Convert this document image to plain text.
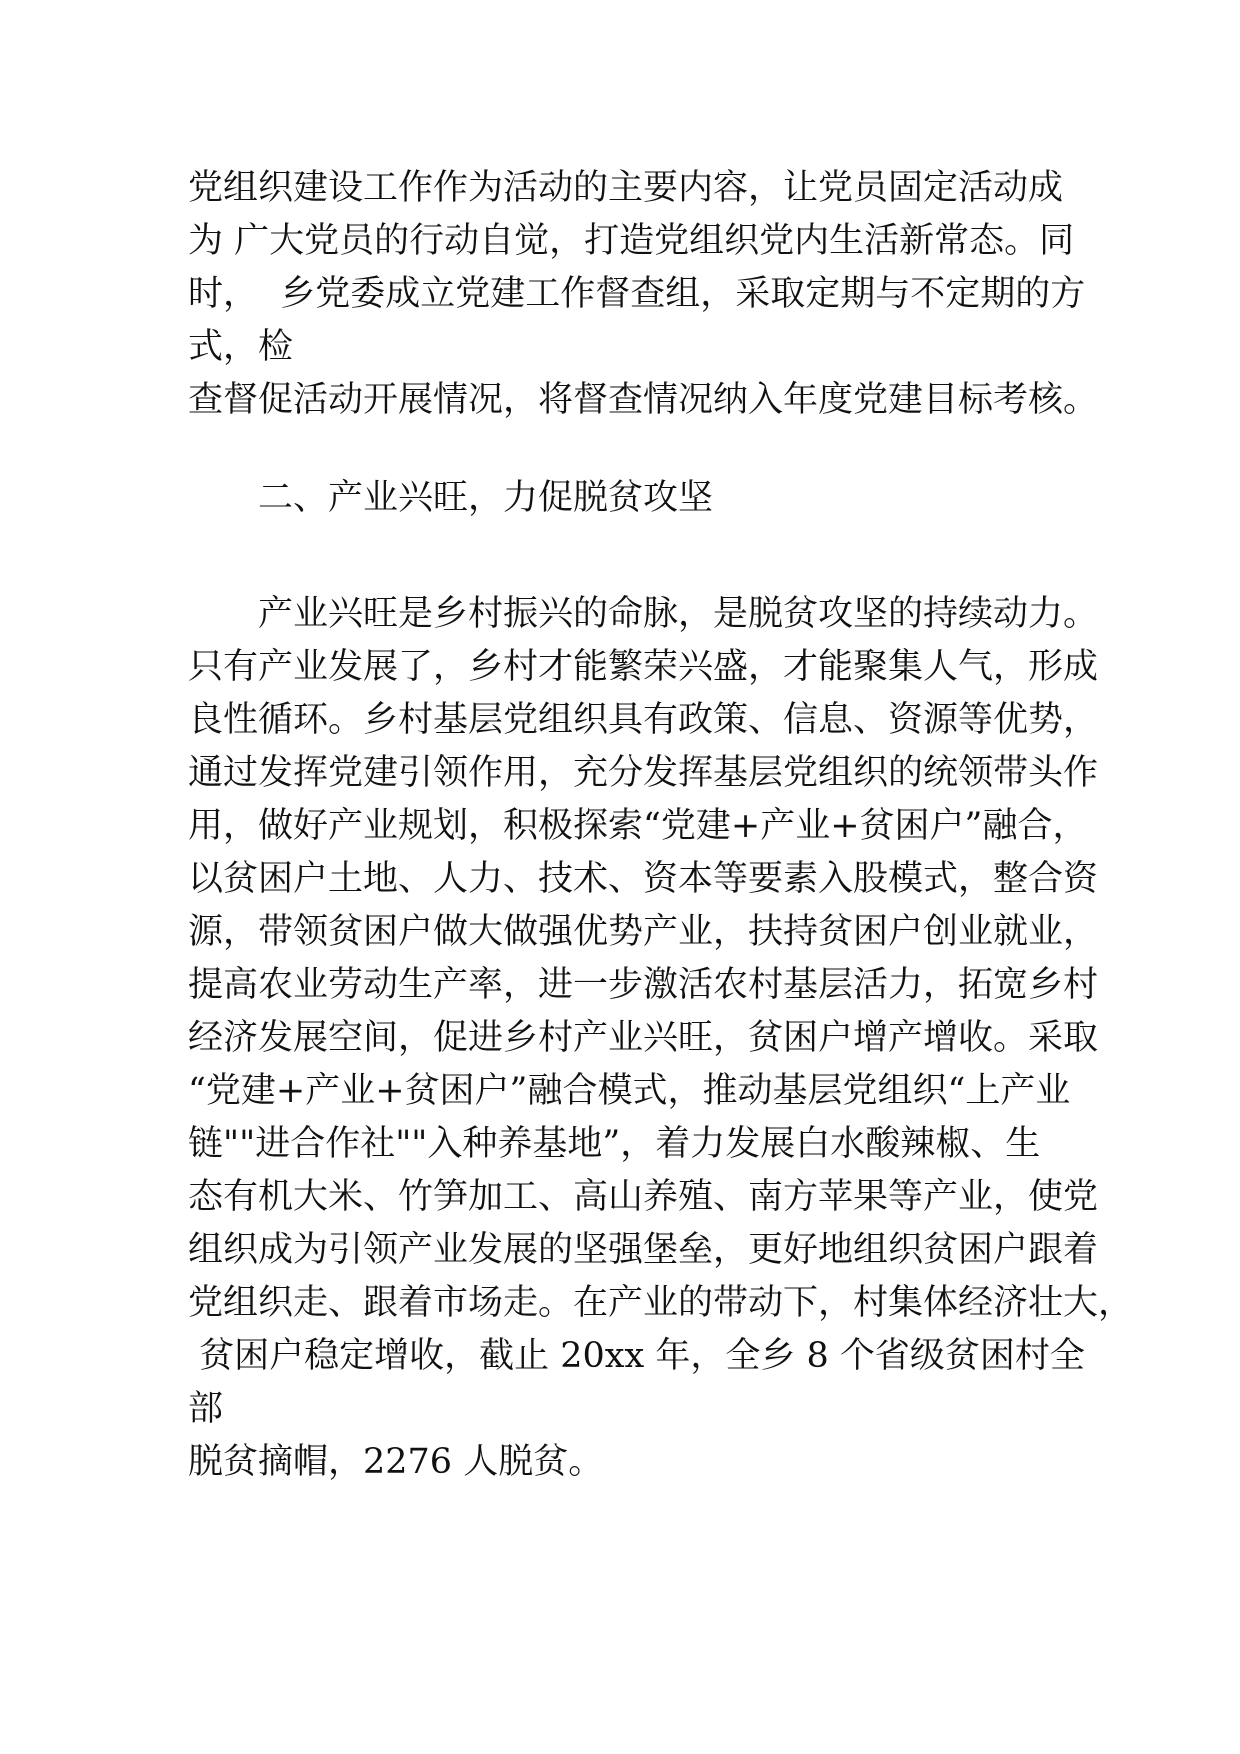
党组织建设工作作为活动的主要内容，让党员固定活动成

为 广大党员的行动自觉，打造党组织党内生活新常态。同

时，  乡党委成立党建工作督查组，采取定期与不定期的方

式，检

查督促活动开展情况，将督查情况纳入年度党建目标考核。

二、产业兴旺，力促脱贫攻坚

产业兴旺是乡村振兴的命脉，是脱贫攻坚的持续动力。

只有产业发展了，乡村才能繁荣兴盛，才能聚集人气，形成

良性循环。乡村基层党组织具有政策、信息、资源等优势，

通过发挥党建引领作用，充分发挥基层党组织的统领带头作

用，做好产业规划，积极探索“党建+产业+贫困户”融合，

以贫困户土地、人力、技术、资本等要素入股模式，整合资

源，带领贫困户做大做强优势产业，扶持贫困户创业就业，

提高农业劳动生产率，进一步激活农村基层活力，拓宽乡村

经济发展空间，促进乡村产业兴旺，贫困户增产增收。采取

“党建+产业+贫困户”融合模式，推动基层党组织“上产业

链""进合作社""入种养基地”，着力发展白水酸辣椒、生

态有机大米、竹笋加工、高山养殖、南方苹果等产业，使党

组织成为引领产业发展的坚强堡垒，更好地组织贫困户跟着

党组织走、跟着市场走。在产业的带动下，村集体经济壮大，

贫困户稳定增收，截止 20xx 年，全乡 8 个省级贫困村全

部

脱贫摘帽，2276 人脱贫。
